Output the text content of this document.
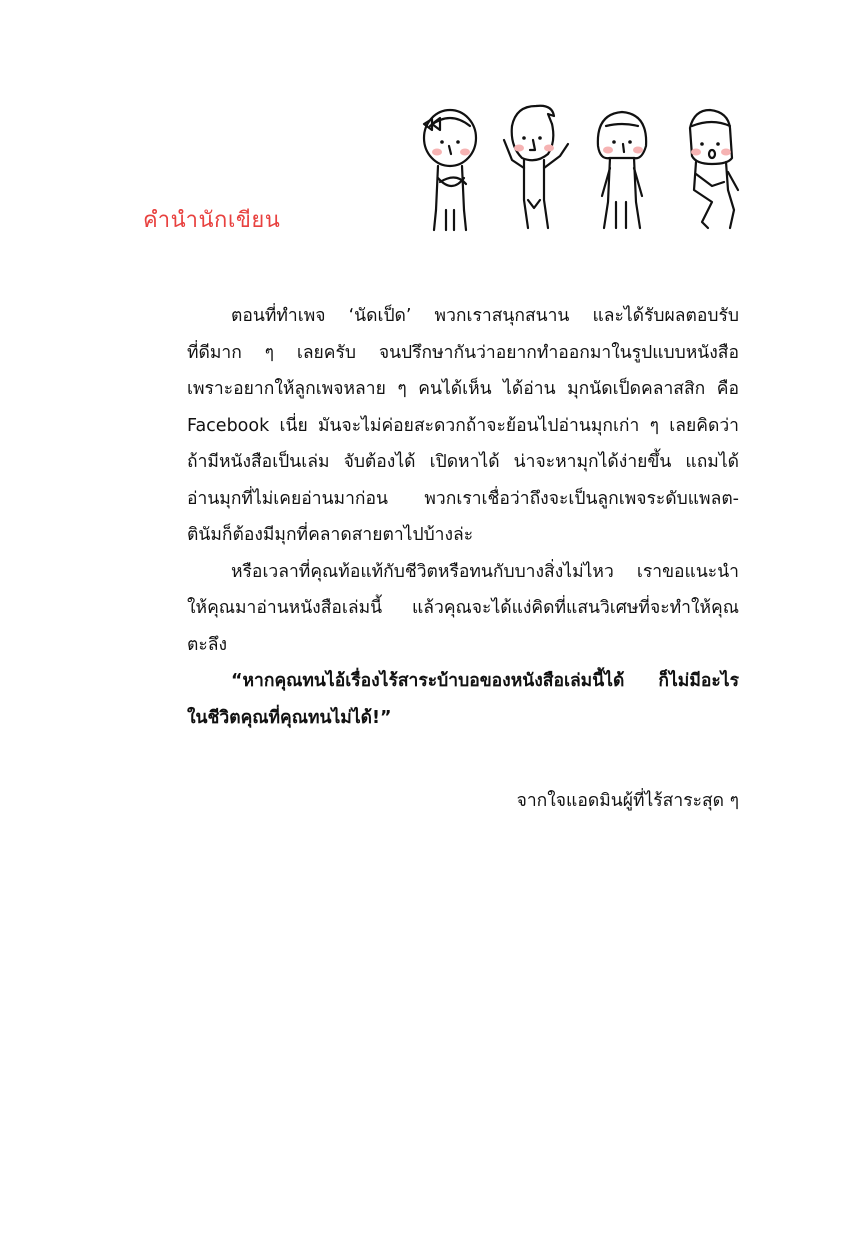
คำนำนักเขียน
ตอนที่ทำเพจ ‘นัดเป็ด’ พวกเราสนุกสนาน และได้รับผลตอบรับ
ที่ดีมาก ๆ เลยครับ จนปรึกษากันว่าอยากทำออกมาในรูปแบบหนังสือ
เพราะอยากให้ลูกเพจหลาย ๆ คนได้เห็น ได้อ่าน มุกนัดเป็ดคลาสสิก คือ
Facebook เนี่ย มันจะไม่ค่อยสะดวกถ้าจะย้อนไปอ่านมุกเก่า ๆ เลยคิดว่า
ถ้ามีหนังสือเป็นเล่ม จับต้องได้ เปิดหาได้ น่าจะหามุกได้ง่ายขึ้น แถมได้
อ่านมุกที่ไม่เคยอ่านมาก่อน พวกเราเชื่อว่าถึงจะเป็นลูกเพจระดับแพลต-
ตินัมก็ต้องมีมุกที่คลาดสายตาไปบ้างล่ะ
หรือเวลาที่คุณท้อแท้กับชีวิตหรือทนกับบางสิ่งไม่ไหว เราขอแนะนำ
ให้คุณมาอ่านหนังสือเล่มนี้ แล้วคุณจะได้แง่คิดที่แสนวิเศษที่จะทำให้คุณ
ตะลึง
“หากคุณทนไอ้เรื่องไร้สาระบ้าบอของหนังสือเล่มนี้ได้ ก็ไม่มีอะไร
ในชีวิตคุณที่คุณทนไม่ได้!”
จากใจแอดมินผู้ที่ไร้สาระสุด ๆ
